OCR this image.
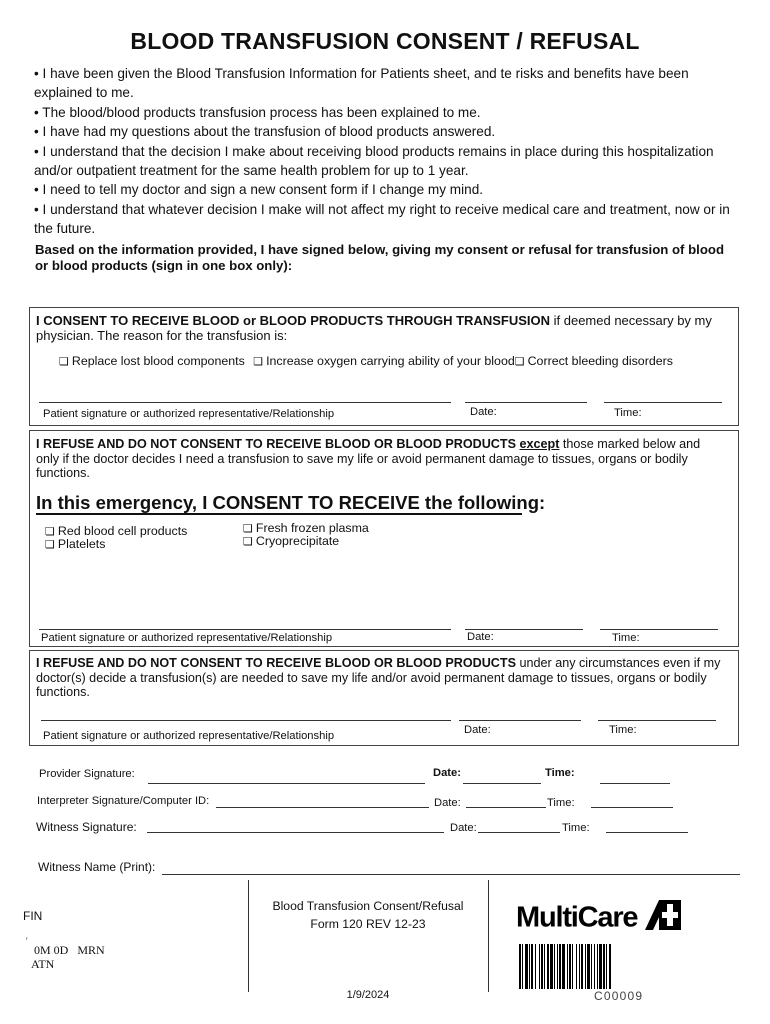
BLOOD TRANSFUSION CONSENT / REFUSAL

• I have been given the Blood Transfusion Information for Patients sheet, and te risks and benefits have been explained to me.

• The blood/blood products transfusion process has been explained to me.

• I have had my questions about the transfusion of blood products answered.

• I understand that the decision I make about receiving blood products remains in place during this hospitalization and/or outpatient treatment for the same health problem for up to 1 year.

• I need to tell my doctor and sign a new consent form if I change my mind.

• I understand that whatever decision I make will not affect my right to receive medical care and treatment, now or in the future.

Based on the information provided, I have signed below, giving my consent or refusal for transfusion of blood or blood products (sign in one box only):
I CONSENT TO RECEIVE BLOOD or BLOOD PRODUCTS THROUGH TRANSFUSION if deemed necessary by my physician. The reason for the transfusion is:
❏ Replace lost blood components ❏ Increase oxygen carrying ability of your blood❏ Correct bleeding disorders
Patient signature or authorized representative/Relationship	Date:	Time:
I REFUSE AND DO NOT CONSENT TO RECEIVE BLOOD OR BLOOD PRODUCTS except those marked below and only if the doctor decides I need a transfusion to save my life or avoid permanent damage to tissues, organs or bodily functions.
In this emergency, I CONSENT TO RECEIVE the following:
❏ Red blood cell products
❏ Platelets
❏ Fresh frozen plasma
❏ Cryoprecipitate
Patient signature or authorized representative/Relationship	Date:	Time:
I REFUSE AND DO NOT CONSENT TO RECEIVE BLOOD OR BLOOD PRODUCTS under any circumstances even if my doctor(s) decide a transfusion(s) are needed to save my life and/or avoid permanent damage to tissues, organs or bodily functions.
Patient signature or authorized representative/Relationship	Date:	Time:
Provider Signature:	Date:	Time:
Interpreter Signature/Computer ID:	Date:	Time:
Witness Signature:	Date:	Time:
Witness Name (Print):
FIN
'
0M 0D   MRN
ATN
Blood Transfusion Consent/Refusal
Form 120 REV 12-23
1/9/2024
MultiCare
C00009
